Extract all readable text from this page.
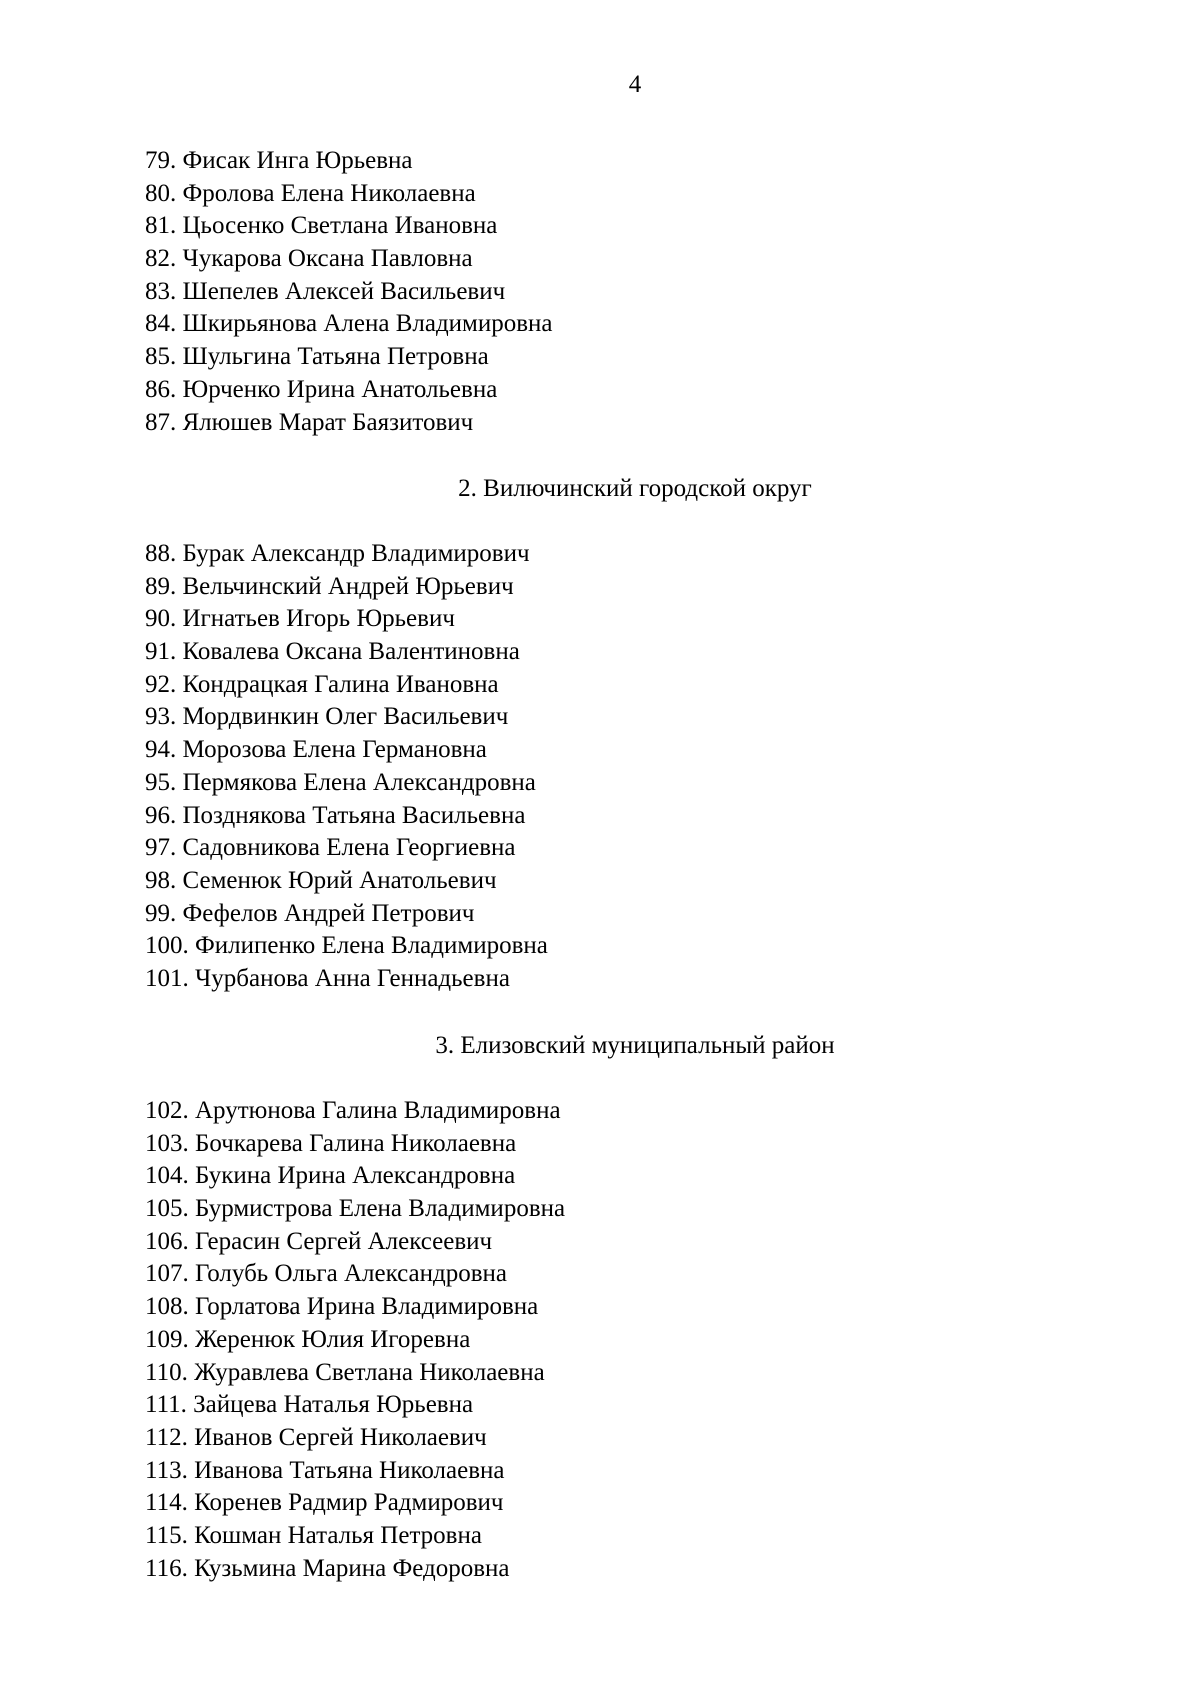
4
79. Фисак Инга Юрьевна
80. Фролова Елена Николаевна
81. Цьосенко Светлана Ивановна
82. Чукарова Оксана Павловна
83. Шепелев Алексей Васильевич
84. Шкирьянова Алена Владимировна
85. Шульгина Татьяна Петровна
86. Юрченко Ирина Анатольевна
87. Ялюшев Марат Баязитович
2. Вилючинский городской округ
88. Бурак Александр Владимирович
89. Вельчинский Андрей Юрьевич
90. Игнатьев Игорь Юрьевич
91. Ковалева Оксана Валентиновна
92. Кондрацкая Галина Ивановна
93. Мордвинкин Олег Васильевич
94. Морозова Елена Германовна
95. Пермякова Елена Александровна
96. Позднякова Татьяна Васильевна
97. Садовникова Елена Георгиевна
98. Семенюк Юрий Анатольевич
99. Фефелов Андрей Петрович
100. Филипенко Елена Владимировна
101. Чурбанова Анна Геннадьевна
3. Елизовский муниципальный район
102. Арутюнова Галина Владимировна
103. Бочкарева Галина Николаевна
104. Букина Ирина Александровна
105. Бурмистрова Елена Владимировна
106. Герасин Сергей Алексеевич
107. Голубь Ольга Александровна
108. Горлатова Ирина Владимировна
109. Жеренюк Юлия Игоревна
110. Журавлева Светлана Николаевна
111. Зайцева Наталья Юрьевна
112. Иванов Сергей Николаевич
113. Иванова Татьяна Николаевна
114. Коренев Радмир Радмирович
115. Кошман Наталья Петровна
116. Кузьмина Марина Федоровна
